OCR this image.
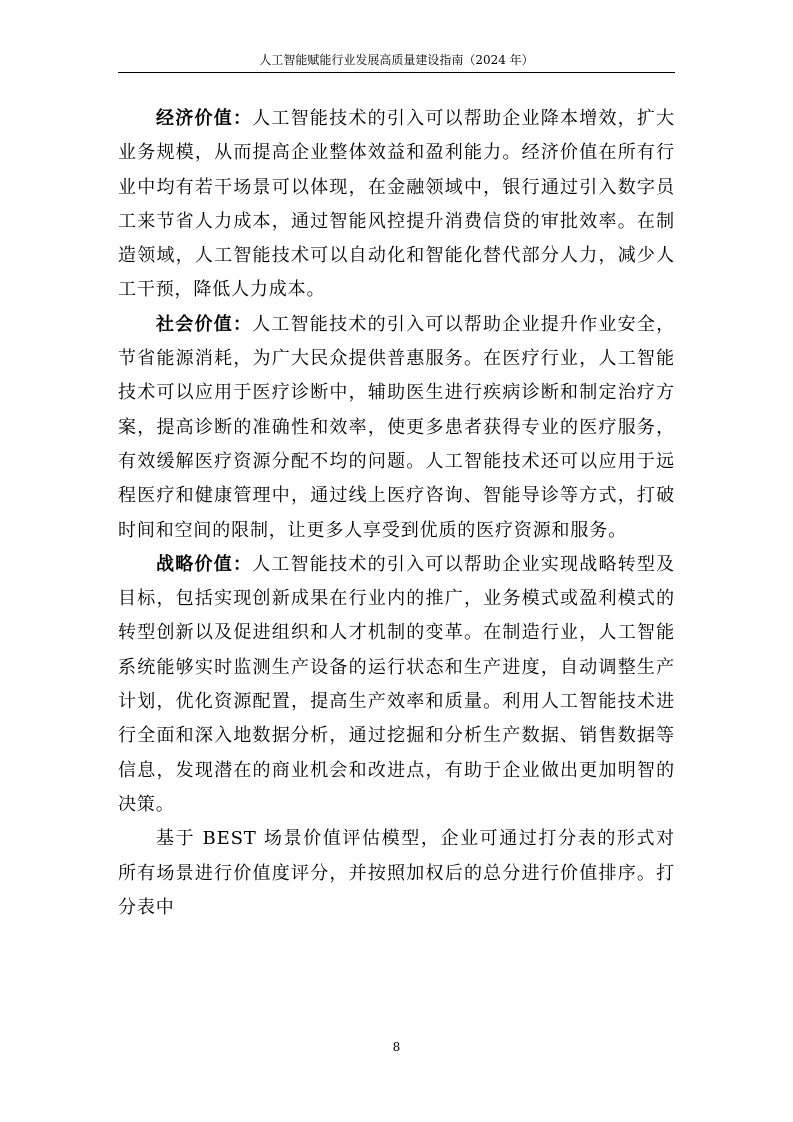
人工智能赋能行业发展高质量建设指南（2024 年）

经济价值：人工智能技术的引入可以帮助企业降本增效，扩大业务规模，从而提高企业整体效益和盈利能力。经济价值在所有行业中均有若干场景可以体现，在金融领域中，银行通过引入数字员工来节省人力成本，通过智能风控提升消费信贷的审批效率。在制造领域，人工智能技术可以自动化和智能化替代部分人力，减少人工干预，降低人力成本。

社会价值：人工智能技术的引入可以帮助企业提升作业安全，节省能源消耗，为广大民众提供普惠服务。在医疗行业，人工智能技术可以应用于医疗诊断中，辅助医生进行疾病诊断和制定治疗方案，提高诊断的准确性和效率，使更多患者获得专业的医疗服务，有效缓解医疗资源分配不均的问题。人工智能技术还可以应用于远程医疗和健康管理中，通过线上医疗咨询、智能导诊等方式，打破时间和空间的限制，让更多人享受到优质的医疗资源和服务。

战略价值：人工智能技术的引入可以帮助企业实现战略转型及目标，包括实现创新成果在行业内的推广，业务模式或盈利模式的转型创新以及促进组织和人才机制的变革。在制造行业，人工智能系统能够实时监测生产设备的运行状态和生产进度，自动调整生产计划，优化资源配置，提高生产效率和质量。利用人工智能技术进行全面和深入地数据分析，通过挖掘和分析生产数据、销售数据等信息，发现潜在的商业机会和改进点，有助于企业做出更加明智的决策。

基于 BEST 场景价值评估模型，企业可通过打分表的形式对所有场景进行价值度评分，并按照加权后的总分进行价值排序。打分表中

8
